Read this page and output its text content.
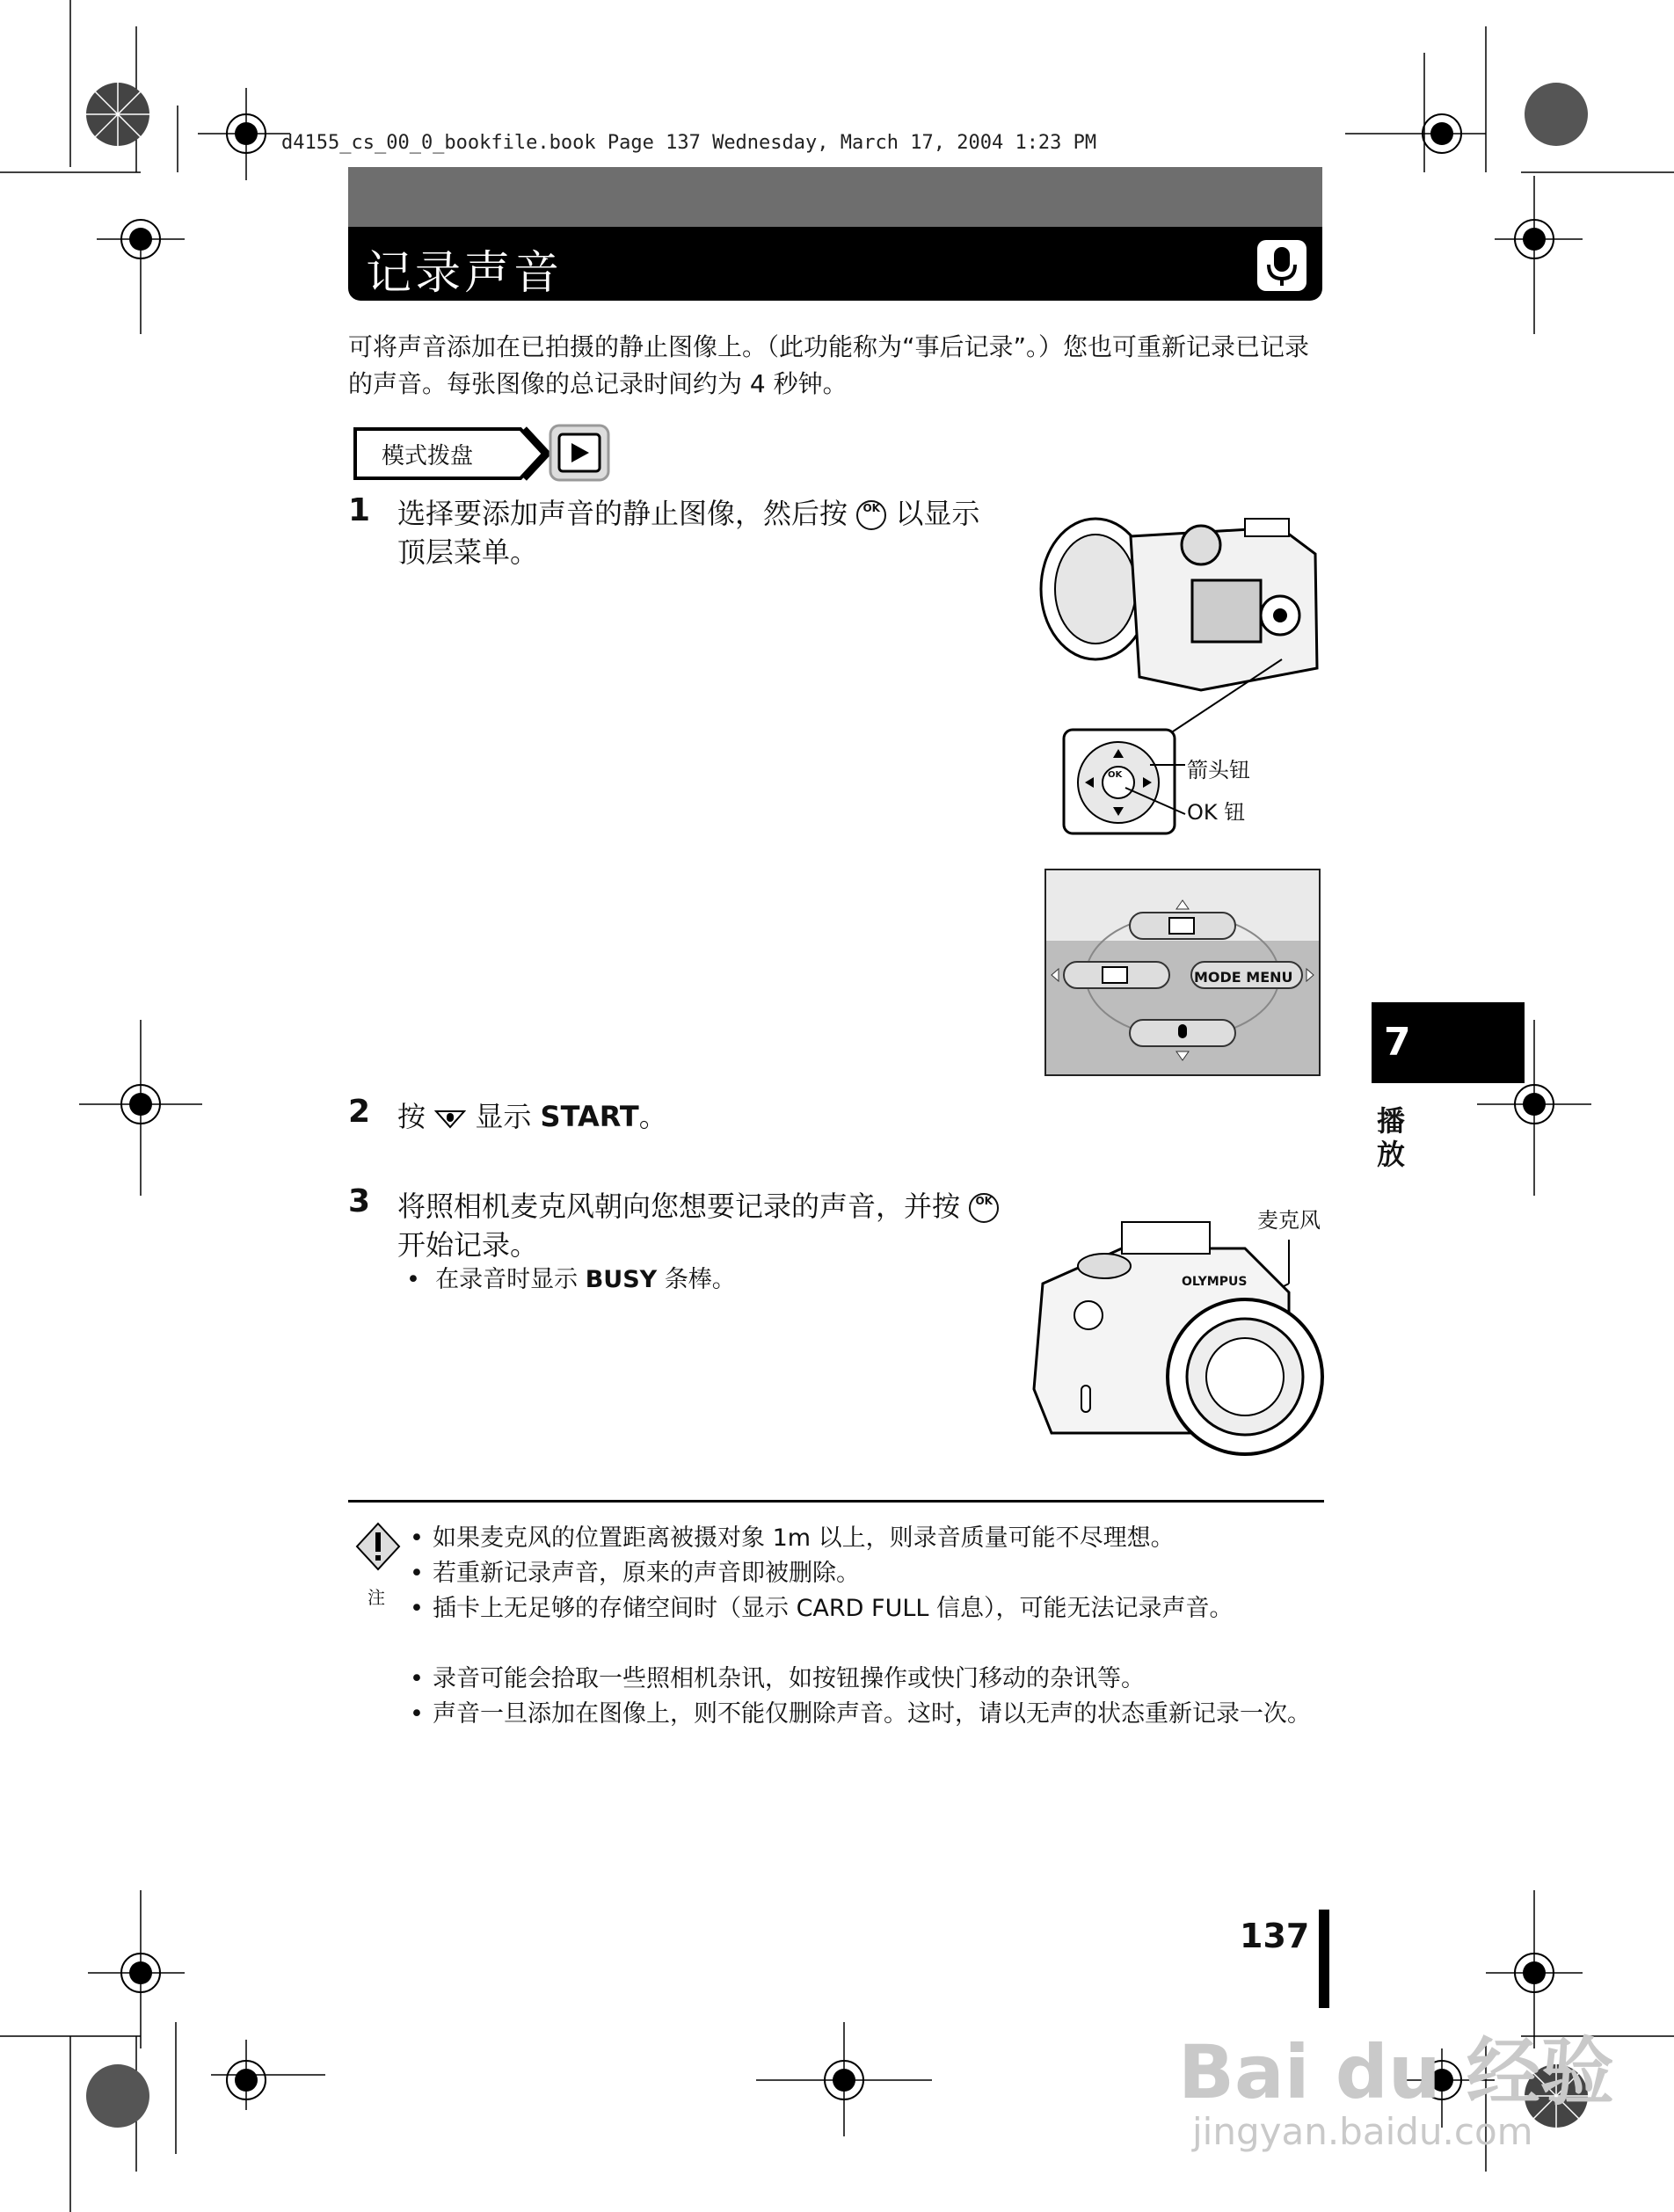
d4155_cs_00_0_bookfile.book Page 137 Wednesday, March 17, 2004 1:23 PM
记录声音
可将声音添加在已拍摄的静止图像上。（此功能称为“事后记录”。）您也可重新记录已记录的声音。每张图像的总记录时间约为 4 秒钟。
模式拨盘
1 选择要添加声音的静止图像，然后按 OK 以显示顶层菜单。
箭头钮
OK 钮
OK
MODE MENU
2 按 显示 START。
3 将照相机麦克风朝向您想要记录的声音，并按 OK 开始记录。
•  在录音时显示 BUSY 条棒。
麦克风
OLYMPUS
注
• 如果麦克风的位置距离被摄对象 1m 以上，则录音质量可能不尽理想。
• 若重新记录声音，原来的声音即被删除。
• 插卡上无足够的存储空间时（显示 CARD FULL 信息），可能无法记录声音。
• 录音可能会拾取一些照相机杂讯，如按钮操作或快门移动的杂讯等。
• 声音一旦添加在图像上，则不能仅删除声音。这时，请以无声的状态重新记录一次。
7
播放
137
Bai du 经验
jingyan.baidu.com
